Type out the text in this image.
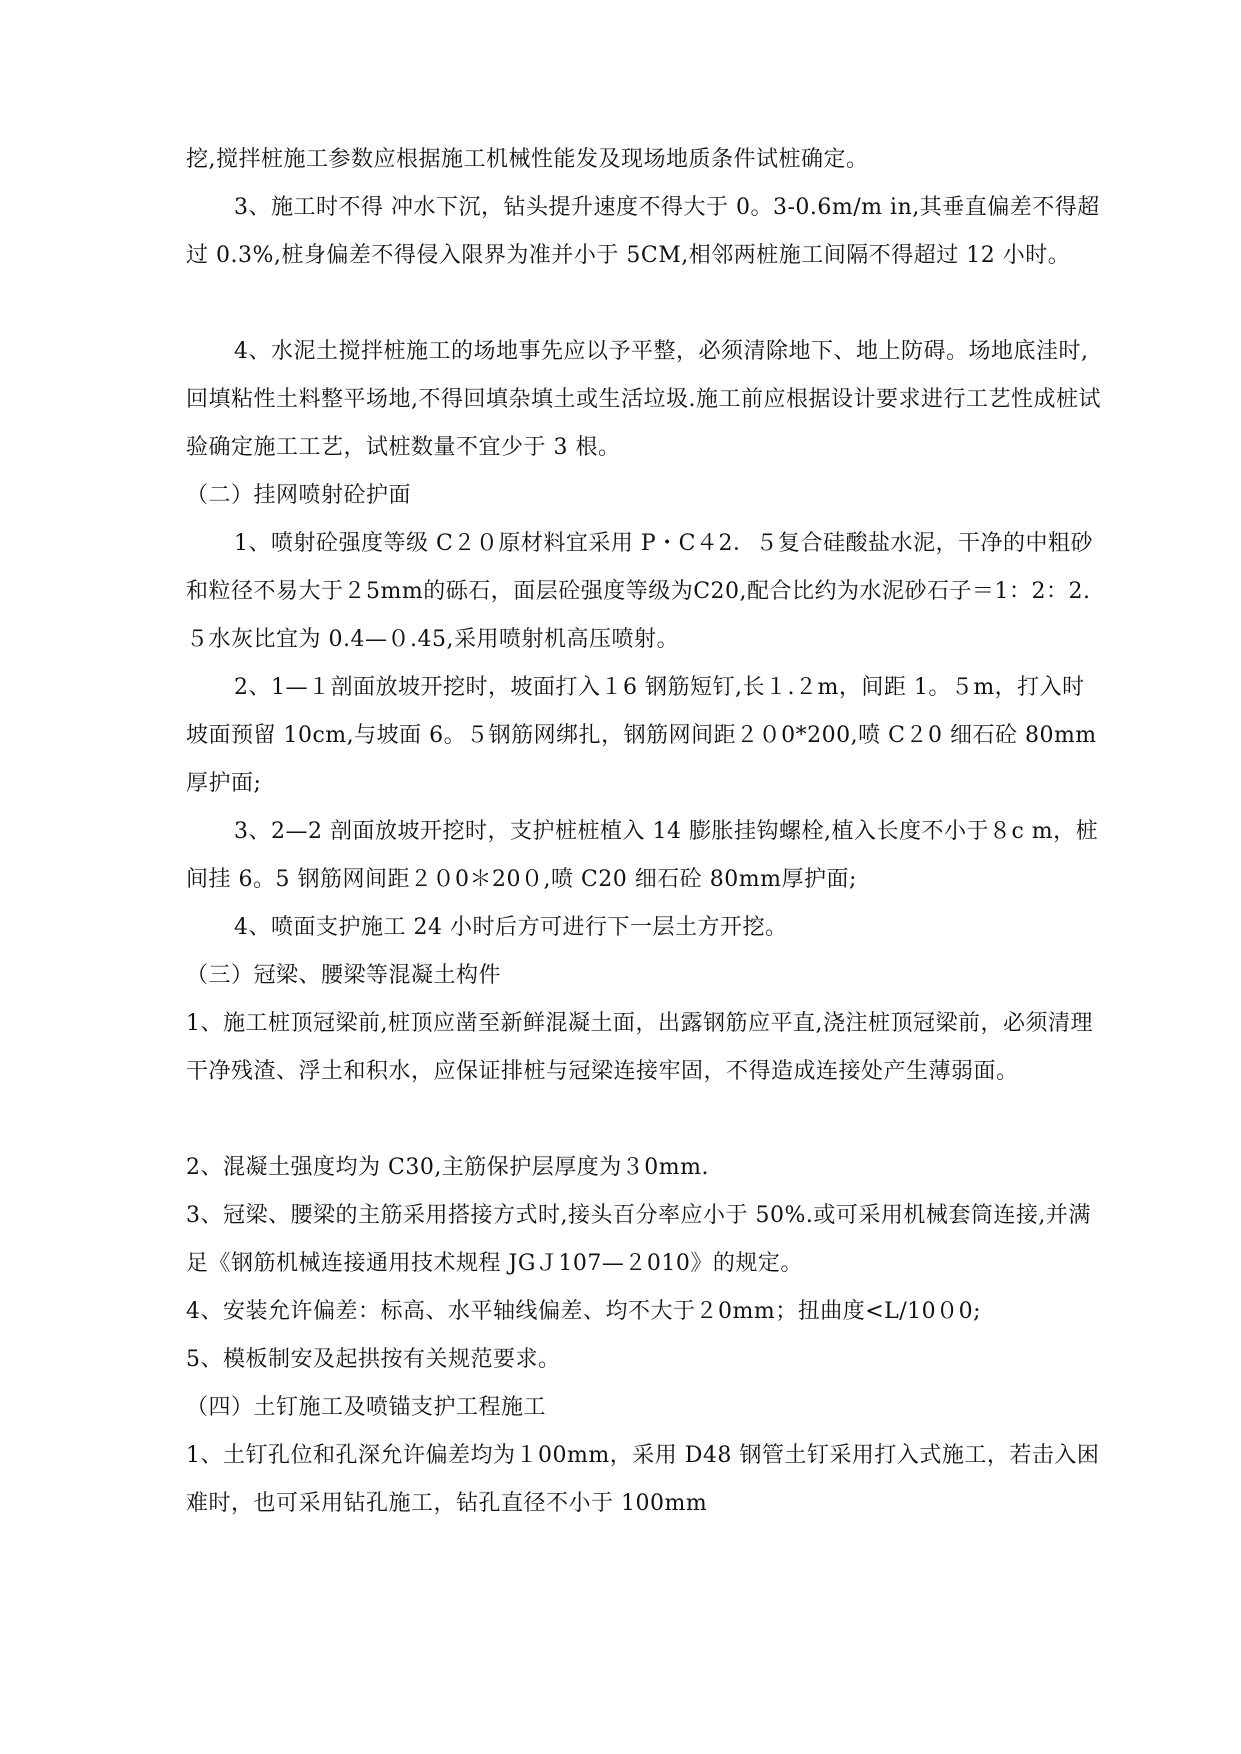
挖,搅拌桩施工参数应根据施工机械性能发及现场地质条件试桩确定。

3、施工时不得 冲水下沉，钻头提升速度不得大于 0。3-0.6m/m in,其垂直偏差不得超过 0.3%,桩身偏差不得侵入限界为准并小于 5CM,相邻两桩施工间隔不得超过 12 小时。

4、水泥土搅拌桩施工的场地事先应以予平整，必须清除地下、地上防碍。场地底洼时,回填粘性土料整平场地,不得回填杂填土或生活垃圾.施工前应根据设计要求进行工艺性成桩试验确定施工工艺，试桩数量不宜少于 3 根。

（二）挂网喷射砼护面

1、喷射砼强度等级 C２０原材料宜采用 P・C４2．５复合硅酸盐水泥，干净的中粗砂和粒径不易大于２5mm的砾石，面层砼强度等级为C20,配合比约为水泥砂石子＝1：2：2.５水灰比宜为 0.4—０.45,采用喷射机高压喷射。

2、1—１剖面放坡开挖时，坡面打入１6 钢筋短钉,长１.２m，间距 1。５m，打入时坡面预留 10cm,与坡面 6。５钢筋网绑扎，钢筋网间距２０0*200,喷 C２0 细石砼 80mm 厚护面;

3、2—2 剖面放坡开挖时，支护桩桩植入 14 膨胀挂钩螺栓,植入长度不小于８c m，桩间挂 6。5 钢筋网间距２０0＊20０,喷 C20 细石砼 80mm厚护面;

4、喷面支护施工 24 小时后方可进行下一层土方开挖。

（三）冠梁、腰梁等混凝土构件

1、施工桩顶冠梁前,桩顶应凿至新鲜混凝土面，出露钢筋应平直,浇注桩顶冠梁前，必须清理干净残渣、浮土和积水，应保证排桩与冠梁连接牢固，不得造成连接处产生薄弱面。

2、混凝土强度均为 C30,主筋保护层厚度为３0mm.

3、冠梁、腰梁的主筋采用搭接方式时,接头百分率应小于 50%.或可采用机械套筒连接,并满足《钢筋机械连接通用技术规程 JGＪ107—２010》的规定。

4、安装允许偏差：标高、水平轴线偏差、均不大于２0mm；扭曲度<L/10０0;

5、模板制安及起拱按有关规范要求。

（四）土钉施工及喷锚支护工程施工

1、土钉孔位和孔深允许偏差均为１00mm，采用 D48 钢管土钉采用打入式施工，若击入困难时，也可采用钻孔施工，钻孔直径不小于 100mm
